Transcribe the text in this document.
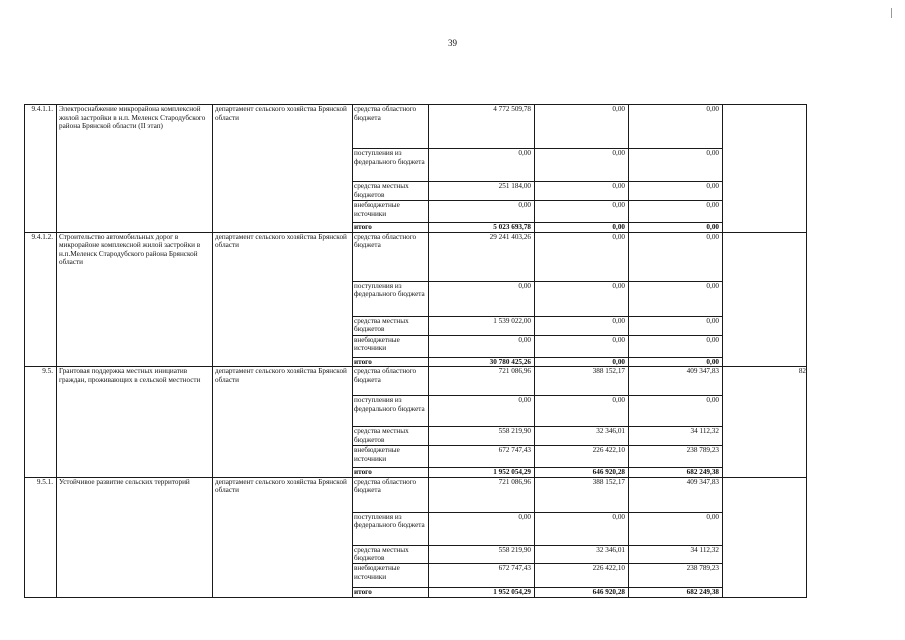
39
9.4.1.1.	Электроснабжение микрорайона комплексной жилой застройки в н.п. Меленск Стародубского района Брянской области (II этап)	департамент сельского хозяйства Брянской области	средства областного бюджета	4 772 509,78	0,00	0,00	
			поступления из федерального бюджета	0,00	0,00	0,00	
			средства местных бюджетов	251 184,00	0,00	0,00	
			внебюджетные источники	0,00	0,00	0,00	
			итого	5 023 693,78	0,00	0,00	
9.4.1.2.	Строительство автомобильных дорог в микрорайоне комплексной жилой застройки в н.п.Меленск Стародубского района Брянской области	департамент сельского хозяйства Брянской области	средства областного бюджета	29 241 403,26	0,00	0,00	
			поступления из федерального бюджета	0,00	0,00	0,00	
			средства местных бюджетов	1 539 022,00	0,00	0,00	
			внебюджетные источники	0,00	0,00	0,00	
			итого	30 780 425,26	0,00	0,00	
9.5.	Грантовая поддержка местных инициатив граждан, проживающих в сельской местности	департамент сельского хозяйства Брянской области	средства областного бюджета	721 086,96	388 152,17	409 347,83	82
			поступления из федерального бюджета	0,00	0,00	0,00	
			средства местных бюджетов	558 219,90	32 346,01	34 112,32	
			внебюджетные источники	672 747,43	226 422,10	238 789,23	
			итого	1 952 054,29	646 920,28	682 249,38	
9.5.1.	Устойчивое развитие сельских территорий	департамент сельского хозяйства Брянской области	средства областного бюджета	721 086,96	388 152,17	409 347,83	
			поступления из федерального бюджета	0,00	0,00	0,00	
			средства местных бюджетов	558 219,90	32 346,01	34 112,32	
			внебюджетные источники	672 747,43	226 422,10	238 789,23	
			итого	1 952 054,29	646 920,28	682 249,38	
